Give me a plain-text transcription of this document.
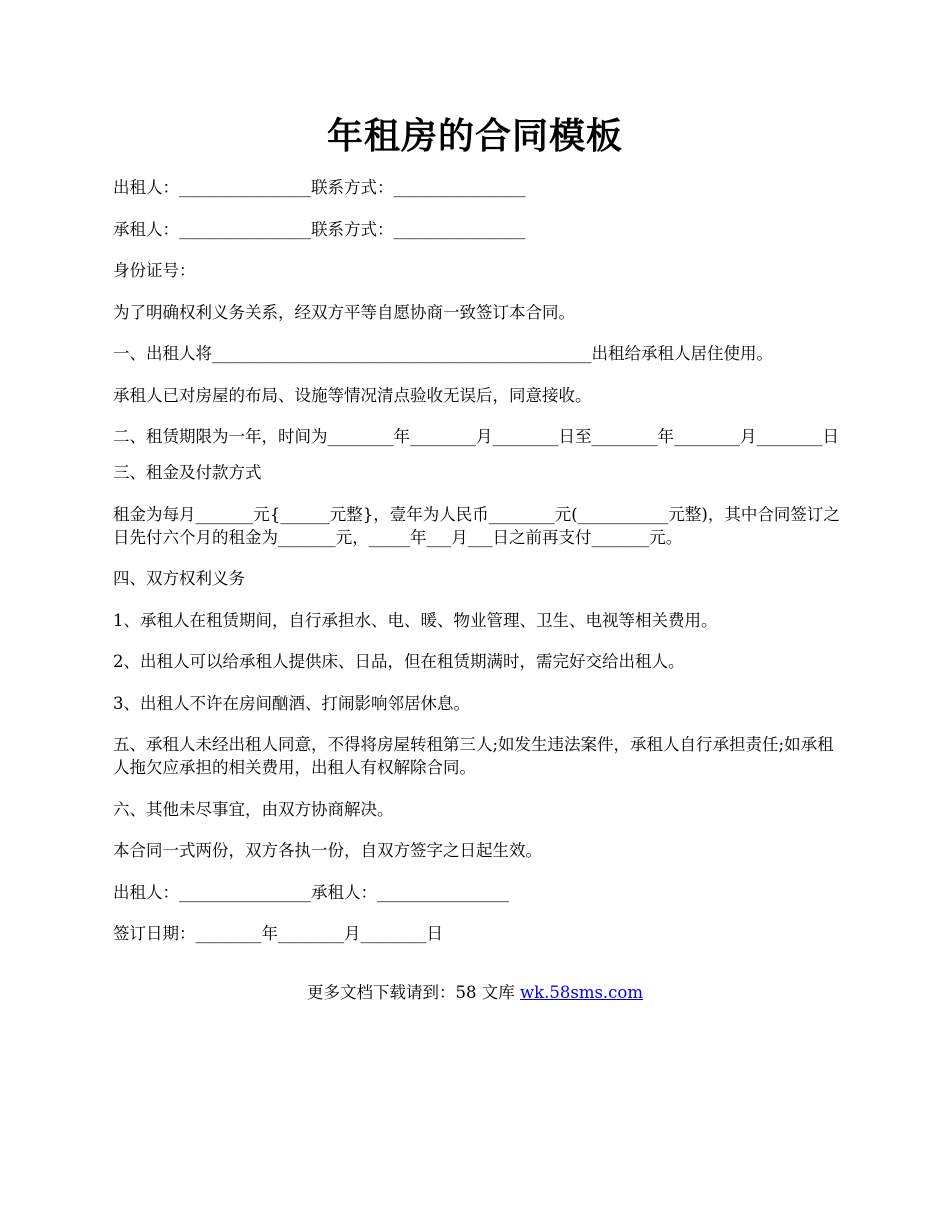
年租房的合同模板

出租人：________________联系方式：________________

承租人：________________联系方式：________________

身份证号：

为了明确权利义务关系，经双方平等自愿协商一致签订本合同。

一、出租人将______________________________________________出租给承租人居住使用。

承租人已对房屋的布局、设施等情况清点验收无误后，同意接收。

二、租赁期限为一年，时间为________年________月________日至________年________月________日

三、租金及付款方式

租金为每月_______元{______元整}，壹年为人民币________元(___________元整)，其中合同签订之日先付六个月的租金为_______元，_____年___月___日之前再支付_______元。

四、双方权利义务

1、承租人在租赁期间，自行承担水、电、暖、物业管理、卫生、电视等相关费用。

2、出租人可以给承租人提供床、日品，但在租赁期满时，需完好交给出租人。

3、出租人不许在房间酗酒、打闹影响邻居休息。

五、承租人未经出租人同意，不得将房屋转租第三人;如发生违法案件，承租人自行承担责任;如承租人拖欠应承担的相关费用，出租人有权解除合同。

六、其他未尽事宜，由双方协商解决。

本合同一式两份，双方各执一份，自双方签字之日起生效。

出租人：________________承租人：________________

签订日期：________年________月________日

更多文档下载请到：58 文库 wk.58sms.com
